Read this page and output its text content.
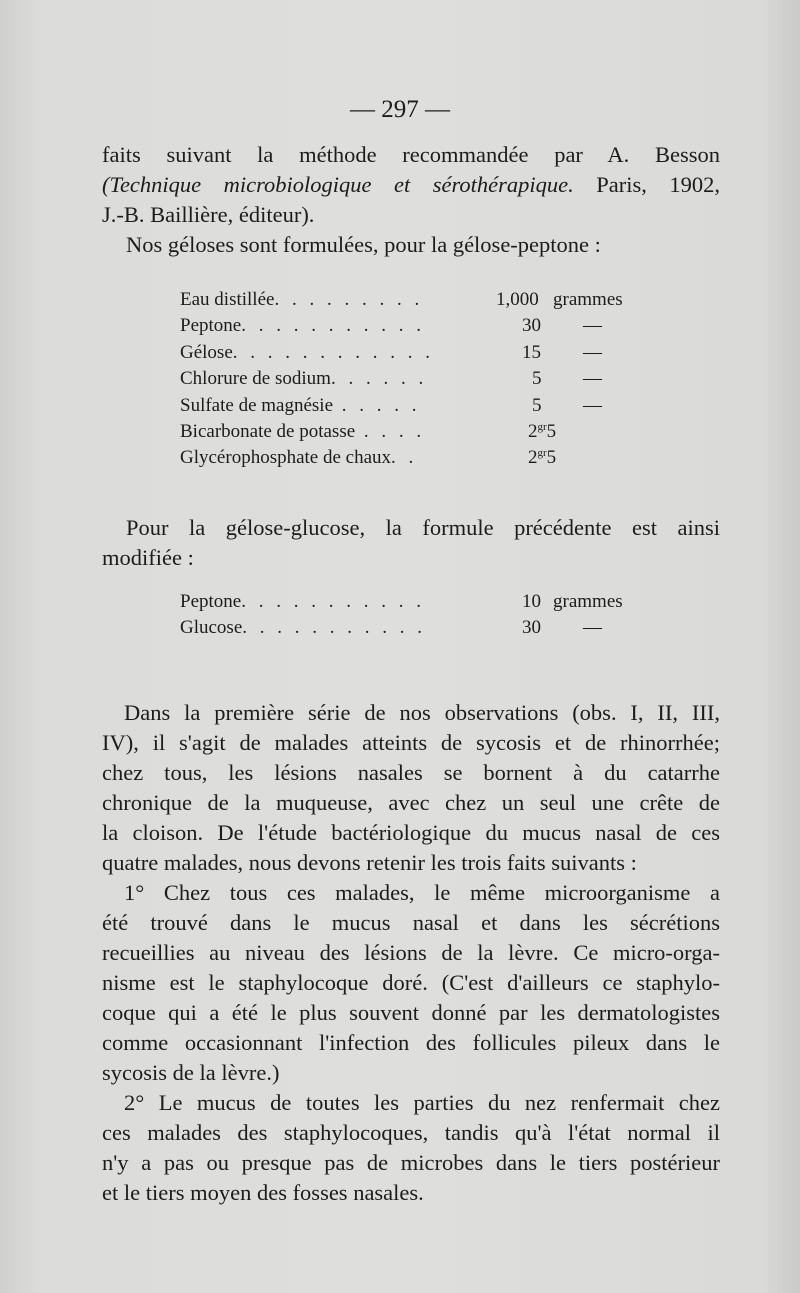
— 297 —
faits suivant la méthode recommandée par A. Besson
(Technique microbiologique et sérothérapique. Paris, 1902,
J.-B. Baillière, éditeur).
Nos géloses sont formulées, pour la gélose-peptone :
Eau distillée. . . . . . . . .	1,000 grammes
Peptone. . . . . . . . . . .	30 —
Gélose. . . . . . . . . . . .	15 —
Chlorure de sodium. . . . . .	5 —
Sulfate de magnésie . . . . .	5 —
Bicarbonate de potasse . . . .	$2^{gr}5$
Glycérophosphate de chaux. .	$2^{gr}5$
Pour la gélose-glucose, la formule précédente est ainsi
modifiée :
Peptone. . . . . . . . . . .	10 grammes
Glucose. . . . . . . . . . .	30 —
Dans la première série de nos observations (obs. I, II, III,
IV), il s'agit de malades atteints de sycosis et de rhinorrhée;
chez tous, les lésions nasales se bornent à du catarrhe
chronique de la muqueuse, avec chez un seul une crête de
la cloison. De l'étude bactériologique du mucus nasal de ces
quatre malades, nous devons retenir les trois faits suivants :
1° Chez tous ces malades, le même microorganisme a
été trouvé dans le mucus nasal et dans les sécrétions
recueillies au niveau des lésions de la lèvre. Ce micro-orga-
nisme est le staphylocoque doré. (C'est d'ailleurs ce staphylo-
coque qui a été le plus souvent donné par les dermatologistes
comme occasionnant l'infection des follicules pileux dans le
sycosis de la lèvre.)
2° Le mucus de toutes les parties du nez renfermait chez
ces malades des staphylocoques, tandis qu'à l'état normal il
n'y a pas ou presque pas de microbes dans le tiers postérieur
et le tiers moyen des fosses nasales.
